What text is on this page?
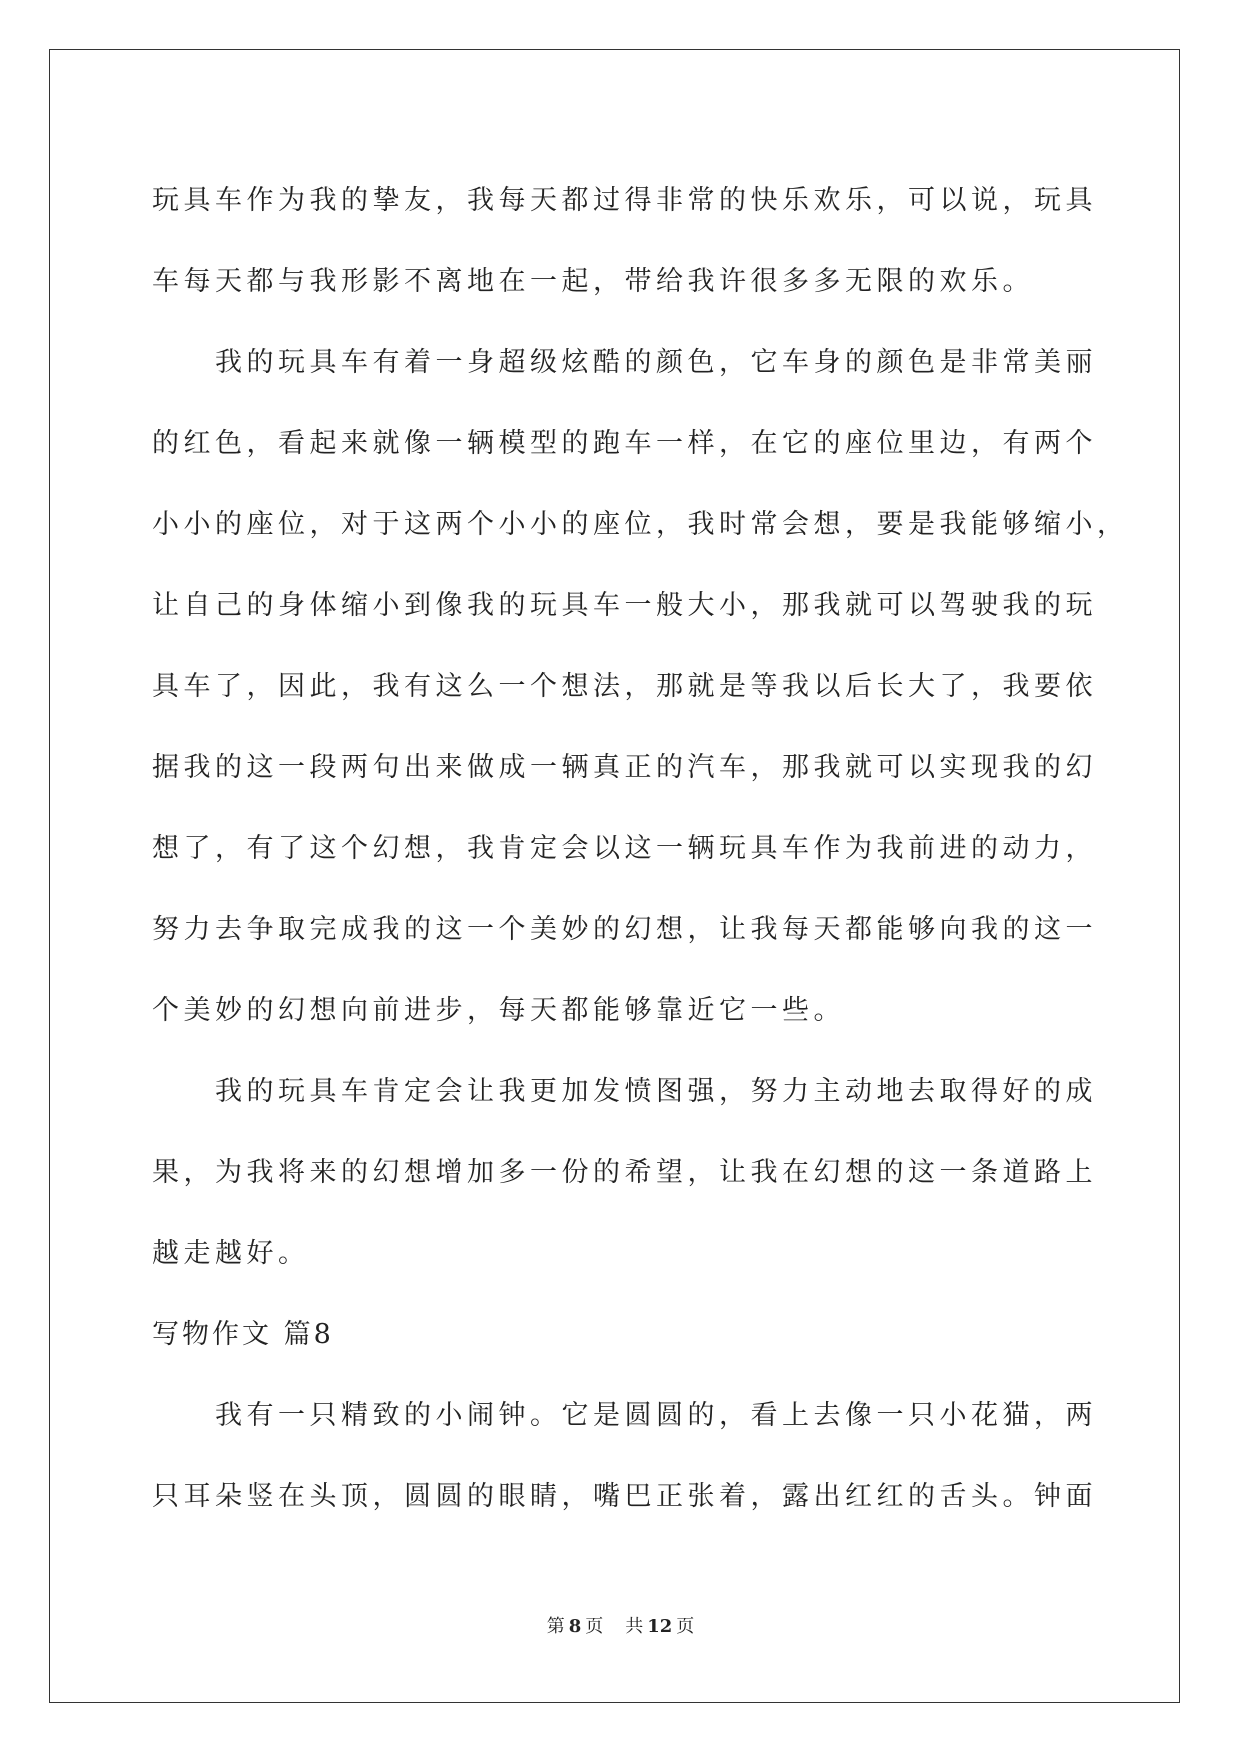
玩具车作为我的挚友，我每天都过得非常的快乐欢乐，可以说，玩具

车每天都与我形影不离地在一起，带给我许很多多无限的欢乐。

我的玩具车有着一身超级炫酷的颜色，它车身的颜色是非常美丽

的红色，看起来就像一辆模型的跑车一样，在它的座位里边，有两个

小小的座位，对于这两个小小的座位，我时常会想，要是我能够缩小，

让自己的身体缩小到像我的玩具车一般大小，那我就可以驾驶我的玩

具车了，因此，我有这么一个想法，那就是等我以后长大了，我要依

据我的这一段两句出来做成一辆真正的汽车，那我就可以实现我的幻

想了，有了这个幻想，我肯定会以这一辆玩具车作为我前进的动力，

努力去争取完成我的这一个美妙的幻想，让我每天都能够向我的这一

个美妙的幻想向前进步，每天都能够靠近它一些。

我的玩具车肯定会让我更加发愤图强，努力主动地去取得好的成

果，为我将来的幻想增加多一份的希望，让我在幻想的这一条道路上

越走越好。

写物作文 篇8

我有一只精致的小闹钟。它是圆圆的，看上去像一只小花猫，两

只耳朵竖在头顶，圆圆的眼睛，嘴巴正张着，露出红红的舌头。钟面

第 8 页 共 12 页
